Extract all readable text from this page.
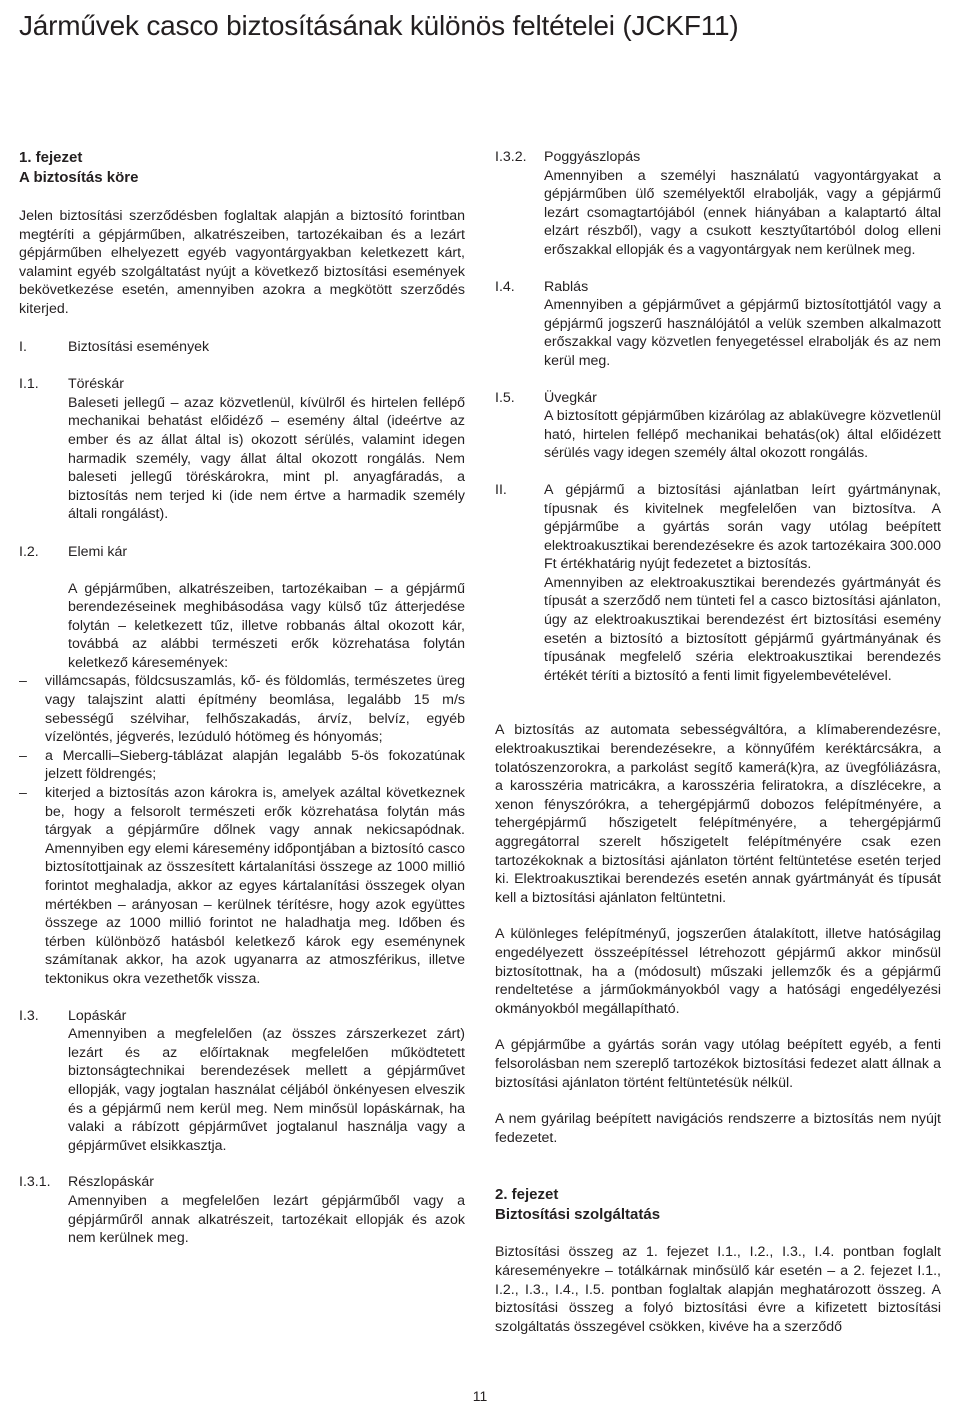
Járművek casco biztosításának különös feltételei (JCKF11)

1. fejezet

A biztosítás köre

Jelen biztosítási szerződésben foglaltak alapján a biztosító forintban megtéríti a gépjárműben, alkatrészeiben, tartozékaiban és a lezárt gépjárműben elhelyezett egyéb vagyontárgyakban keletkezett kárt, valamint egyéb szolgáltatást nyújt a következő biztosítási események bekövetkezése esetén, amennyiben azokra a megkötött szerződés kiterjed.

I.	Biztosítási események
I.1.	Töréskár

Baleseti jellegű – azaz közvetlenül, kívülről és hirtelen fellépő mechanikai behatást előidéző – esemény által (ideértve az ember és az állat által is) okozott sérülés, valamint idegen harmadik személy, vagy állat által okozott rongálás. Nem baleseti jellegű töréskárokra, mint pl. anyagfáradás, a biztosítás nem terjed ki (ide nem értve a harmadik személy általi rongálást).

I.2.	Elemi kár

A gépjárműben, alkatrészeiben, tartozékaiban – a gépjármű berendezéseinek meghibásodása vagy külső tűz átterjedése folytán – keletkezett tűz, illetve robbanás által okozott kár, továbbá az alábbi természeti erők közrehatása folytán keletkező káresemények:

–	villámcsapás, földcsuszamlás, kő- és földomlás, természetes üreg vagy talajszint alatti építmény beomlása, legalább 15 m/s sebességű szélvihar, felhőszakadás, árvíz, belvíz, egyéb vízelöntés, jégverés, lezúduló hótömeg és hónyomás;
–	a Mercalli–Sieberg-táblázat alapján legalább 5-ös fokozatúnak jelzett földrengés;
–	kiterjed a biztosítás azon károkra is, amelyek azáltal következnek be, hogy a felsorolt természeti erők közrehatása folytán más tárgyak a gépjárműre dőlnek vagy annak nekicsapódnak. Amennyiben egy elemi káresemény időpontjában a biztosító casco biztosítottjainak az összesített kártalanítási összege az 1000 millió forintot meghaladja, akkor az egyes kártalanítási összegek olyan mértékben – arányosan – kerülnek térítésre, hogy azok együttes összege az 1000 millió forintot ne haladhatja meg. Időben és térben különböző hatásból keletkező károk egy eseménynek számítanak akkor, ha azok ugyanarra az atmoszférikus, illetve tektonikus okra vezethetők vissza.
I.3.	Lopáskár

Amennyiben a megfelelően (az összes zárszerkezet zárt) lezárt és az előírtaknak megfelelően működtetett biztonságtechnikai berendezések mellett a gépjárművet ellopják, vagy jogtalan használat céljából önkényesen elveszik és a gépjármű nem kerül meg. Nem minősül lopáskárnak, ha valaki a rábízott gépjárművet jogtalanul használja vagy a gépjárművet elsikkasztja.

I.3.1.	Részlopáskár

Amennyiben a megfelelően lezárt gépjárműből vagy a gépjárműről annak alkatrészeit, tartozékait ellopják és azok nem kerülnek meg.

I.3.2.	Poggyászlopás

Amennyiben a személyi használatú vagyontárgyakat a gépjárműben ülő személyektől elrabolják, vagy a gépjármű lezárt csomagtartójából (ennek hiányában a kalaptartó által elzárt részből), vagy a csukott kesztyűtartóból dolog elleni erőszakkal ellopják és a vagyontárgyak nem kerülnek meg.

I.4.	Rablás

Amennyiben a gépjárművet a gépjármű biztosítottjától vagy a gépjármű jogszerű használójától a velük szemben alkalmazott erőszakkal vagy közvetlen fenyegetéssel elrabolják és az nem kerül meg.

I.5.	Üvegkár

A biztosított gépjárműben kizárólag az ablaküvegre közvetlenül ható, hirtelen fellépő mechanikai behatás(ok) által előidézett sérülés vagy idegen személy által okozott rongálás.

II.	A gépjármű a biztosítási ajánlatban leírt gyártmánynak, típusnak és kivitelnek megfelelően van biztosítva. A gépjárműbe a gyártás során vagy utólag beépített elektroakusztikai berendezésekre és azok tartozékaira 300.000 Ft értékhatárig nyújt fedezetet a biztosítás.

Amennyiben az elektroakusztikai berendezés gyártmányát és típusát a szerződő nem tünteti fel a casco biztosítási ajánlaton, úgy az elektroakusztikai berendezést ért biztosítási esemény esetén a biztosító a biztosított gépjármű gyártmányának és típusának megfelelő széria elektroakusztikai berendezés értékét téríti a biztosító a fenti limit figyelembevételével.

A biztosítás az automata sebességváltóra, a klímaberendezésre, elektroakusztikai berendezésekre, a könnyűfém keréktárcsákra, a tolatószenzorokra, a parkolást segítő kamerá(k)ra, az üvegfóliázásra, a karosszéria matricákra, a karosszéria feliratokra, a díszlécekre, a xenon fényszórókra, a tehergépjármű dobozos felépítményére, a tehergépjármű hőszigetelt felépítményére, a tehergépjármű aggregátorral szerelt hőszigetelt felépítményére csak ezen tartozékoknak a biztosítási ajánlaton történt feltüntetése esetén terjed ki. Elektroakusztikai berendezés esetén annak gyártmányát és típusát kell a biztosítási ajánlaton feltüntetni.

A különleges felépítményű, jogszerűen átalakított, illetve hatóságilag engedélyezett összeépítéssel létrehozott gépjármű akkor minősül biztosítottnak, ha a (módosult) műszaki jellemzők és a gépjármű rendeltetése a járműokmányokból vagy a hatósági engedélyezési okmányokból megállapítható.

A gépjárműbe a gyártás során vagy utólag beépített egyéb, a fenti felsorolásban nem szereplő tartozékok biztosítási fedezet alatt állnak a biztosítási ajánlaton történt feltüntetésük nélkül.

A nem gyárilag beépített navigációs rendszerre a biztosítás nem nyújt fedezetet.

2. fejezet

Biztosítási szolgáltatás

Biztosítási összeg az 1. fejezet I.1., I.2., I.3., I.4. pontban foglalt káreseményekre – totálkárnak minősülő kár esetén – a 2. fejezet I.1., I.2., I.3., I.4., I.5. pontban foglaltak alapján meghatározott összeg. A biztosítási összeg a folyó biztosítási évre a kifizetett biztosítási szolgáltatás összegével csökken, kivéve ha a szerződő

11
